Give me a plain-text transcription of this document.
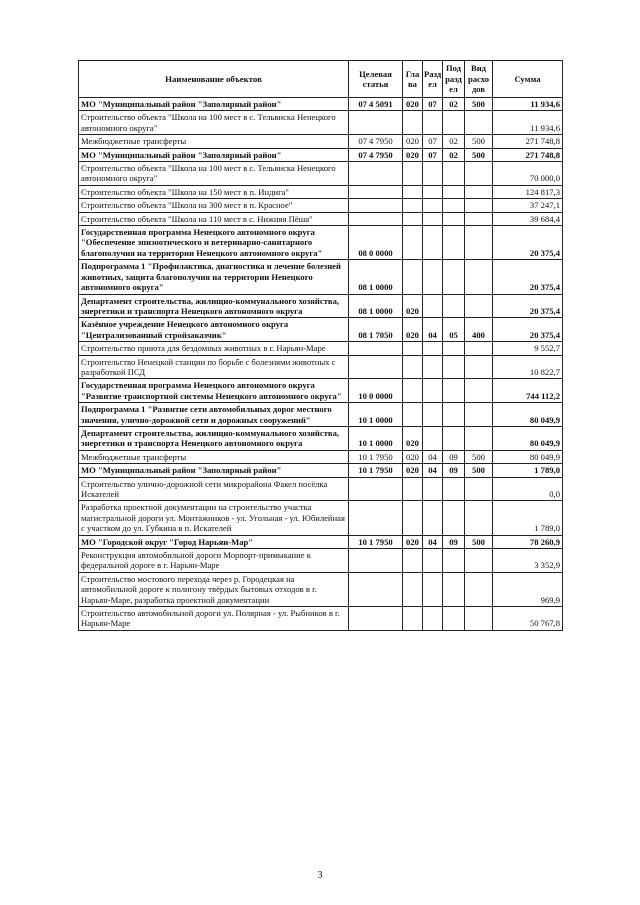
Наименование объектов	Целевая статья	Гла ва	Разд ел	Под разд ел	Вид расхо дов	Сумма
МО "Муниципальный район "Заполярный район"	07 4 5091	020	07	02	500	11 934,6
Строительство объекта "Школа на 100 мест в с. Тельвиска Ненецкого автономного округа"						11 934,6
Межбюджетные трансферты	07 4 7950	020	07	02	500	271 748,8
МО "Муниципальный район "Заполярный район"	07 4 7950	020	07	02	500	271 748,8
Строительство объекта "Школа на 100 мест в с. Тельвиска Ненецкого автономного округа"						70 000,0
Строительство объекта "Школа на 150 мест в п. Индига"						124 817,3
Строительство объекта "Школа на 300 мест в п. Красное"						37 247,1
Строительство объекта "Школа на 110 мест в с. Нижняя Пёша"						39 684,4
Государственная программа Ненецкого автономного округа "Обеспечение эпизоотического и ветеринарно-санитарного благополучия на территории Ненецкого автономного округа"	08 0 0000					20 375,4
Подпрограмма 1 "Профилактика, диагностика и лечение болезней животных, защита благополучия на территории Ненецкого автономного округа"	08 1 0000					20 375,4
Департамент строительства, жилищно-коммунального хозяйства, энергетики и транспорта Ненецкого автономного округа	08 1 0000	020				20 375,4
Казённое учреждение Ненецкого автономного округа "Централизованный стройзаказчик"	08 1 7050	020	04	05	400	20 375,4
Строительство приюта для бездомных животных в г. Нарьян-Маре						9 552,7
Строительство Ненецкой станции по борьбе с болезнями животных с разработкой ПСД						10 822,7
Государственная программа Ненецкого автономного округа "Развитие транспортной системы Ненецкого автономного округа"	10 0 0000					744 112,2
Подпрограмма 1 "Развитие сети автомобильных дорог местного значения, улично-дорожной сети и дорожных сооружений"	10 1 0000					80 049,9
Департамент строительства, жилищно-коммунального хозяйства, энергетики и транспорта Ненецкого автономного округа	10 1 0000	020				80 049,9
Межбюджетные трансферты	10 1 7950	020	04	09	500	80 049,9
МО "Муниципальный район "Заполярный район"	10 1 7950	020	04	09	500	1 789,0
Строительство улично-дорожной сети микрорайона Факел посёлка Искателей						0,0
Разработка проектной документации на строительство участка магистральной дороги ул. Монтажников - ул. Угольная - ул. Юбилейная с участком до ул. Губкина в п. Искателей						1 789,0
МО "Городской округ "Город Нарьян-Мар"	10 1 7950	020	04	09	500	78 260,9
Реконструкция автомобильной дороги Морпорт-примыкание к федеральной дороге в г. Нарьян-Маре						3 352,9
Строительство мостового перехода через р. Городецкая на автомобильной дороге к полигону твёрдых бытовых отходов в г. Нарьян-Маре, разработка проектной документации						969,9
Строительство автомобильной дороги ул. Полярная - ул. Рыбников в г. Нарьян-Маре						50 767,8
3
